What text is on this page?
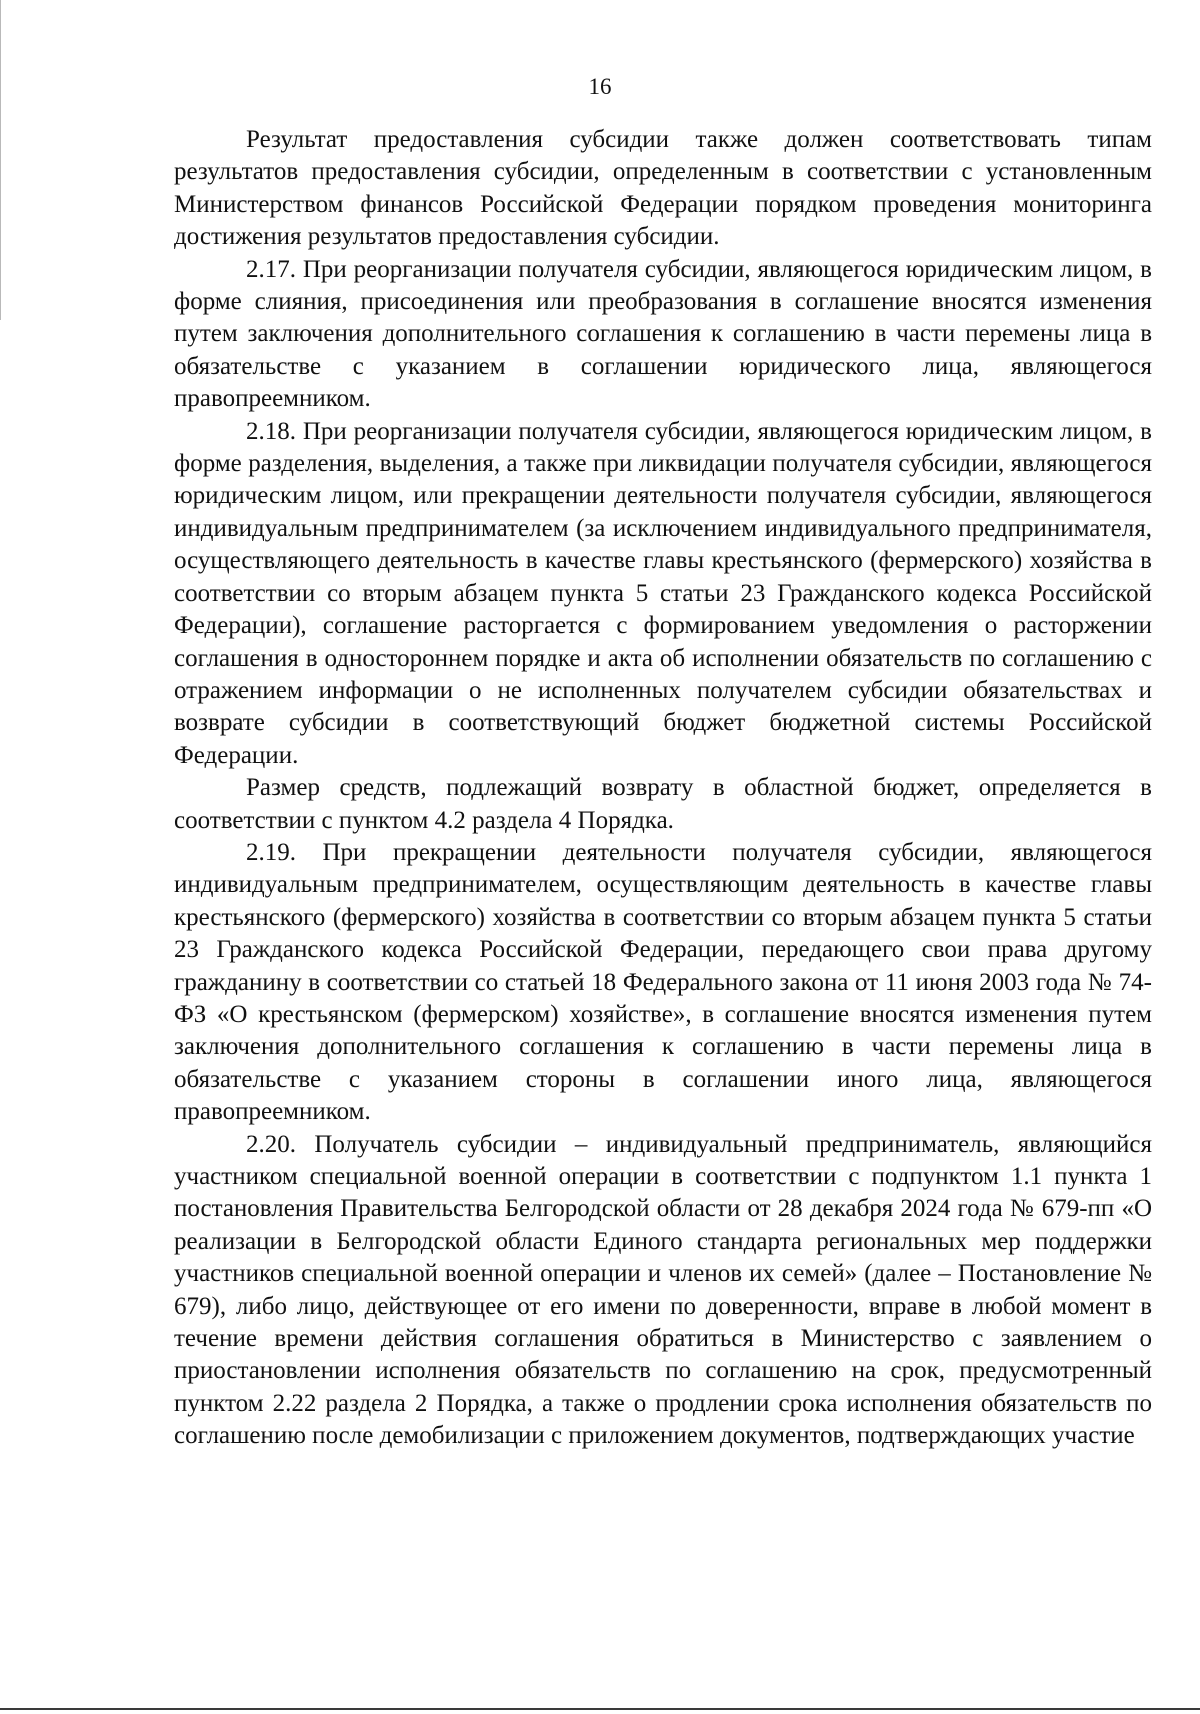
16

Результат предоставления субсидии также должен соответствовать типам результатов предоставления субсидии, определенным в соответствии с установленным Министерством финансов Российской Федерации порядком проведения мониторинга достижения результатов предоставления субсидии.

2.17. При реорганизации получателя субсидии, являющегося юридическим лицом, в форме слияния, присоединения или преобразования в соглашение вносятся изменения путем заключения дополнительного соглашения к соглашению в части перемены лица в обязательстве с указанием в соглашении юридического лица, являющегося правопреемником.

2.18. При реорганизации получателя субсидии, являющегося юридическим лицом, в форме разделения, выделения, а также при ликвидации получателя субсидии, являющегося юридическим лицом, или прекращении деятельности получателя субсидии, являющегося индивидуальным предпринимателем (за исключением индивидуального предпринимателя, осуществляющего деятельность в качестве главы крестьянского (фермерского) хозяйства в соответствии со вторым абзацем пункта 5 статьи 23 Гражданского кодекса Российской Федерации), соглашение расторгается с формированием уведомления о расторжении соглашения в одностороннем порядке и акта об исполнении обязательств по соглашению с отражением информации о не исполненных получателем субсидии обязательствах и возврате субсидии в соответствующий бюджет бюджетной системы Российской Федерации.

Размер средств, подлежащий возврату в областной бюджет, определяется в соответствии с пунктом 4.2 раздела 4 Порядка.

2.19. При прекращении деятельности получателя субсидии, являющегося индивидуальным предпринимателем, осуществляющим деятельность в качестве главы крестьянского (фермерского) хозяйства в соответствии со вторым абзацем пункта 5 статьи 23 Гражданского кодекса Российской Федерации, передающего свои права другому гражданину в соответствии со статьей 18 Федерального закона от 11 июня 2003 года № 74-ФЗ «О крестьянском (фермерском) хозяйстве», в соглашение вносятся изменения путем заключения дополнительного соглашения к соглашению в части перемены лица в обязательстве с указанием стороны в соглашении иного лица, являющегося правопреемником.

2.20. Получатель субсидии – индивидуальный предприниматель, являющийся участником специальной военной операции в соответствии с подпунктом 1.1 пункта 1 постановления Правительства Белгородской области от 28 декабря 2024 года № 679-пп «О реализации в Белгородской области Единого стандарта региональных мер поддержки участников специальной военной операции и членов их семей» (далее – Постановление № 679), либо лицо, действующее от его имени по доверенности, вправе в любой момент в течение времени действия соглашения обратиться в Министерство с заявлением о приостановлении исполнения обязательств по соглашению на срок, предусмотренный пунктом 2.22 раздела 2 Порядка, а также о продлении срока исполнения обязательств по соглашению после демобилизации с приложением документов, подтверждающих участие
